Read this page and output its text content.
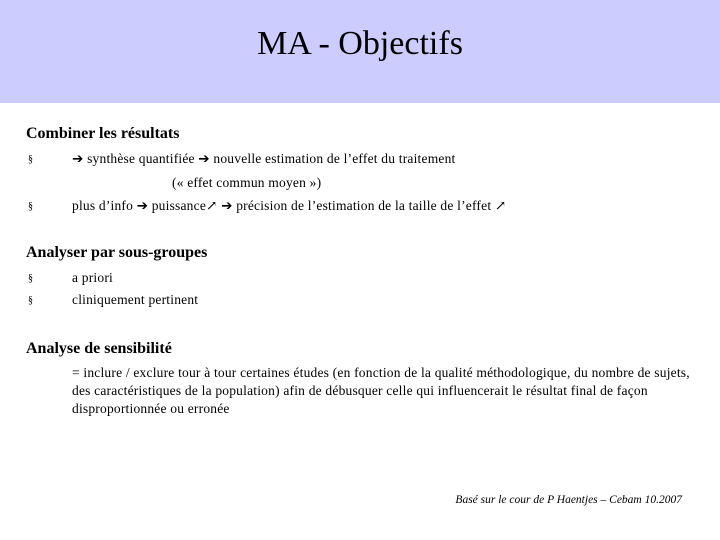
MA - Objectifs
Combiner les résultats
§	➔ synthèse quantifiée ➔ nouvelle estimation de l’effet du traitement
(« effet commun moyen »)
§	plus d’info ➔ puissance↗ ➔ précision de l’estimation de la taille de l’effet ↗
Analyser par sous-groupes
§	a priori
§	cliniquement pertinent
Analyse de sensibilité
= inclure / exclure tour à tour certaines études (en fonction de la qualité méthodologique, du nombre de sujets, des caractéristiques de la population) afin de débusquer celle qui influencerait le résultat final de façon disproportionnée ou erronée
Basé sur le cour de P Haentjes – Cebam 10.2007
